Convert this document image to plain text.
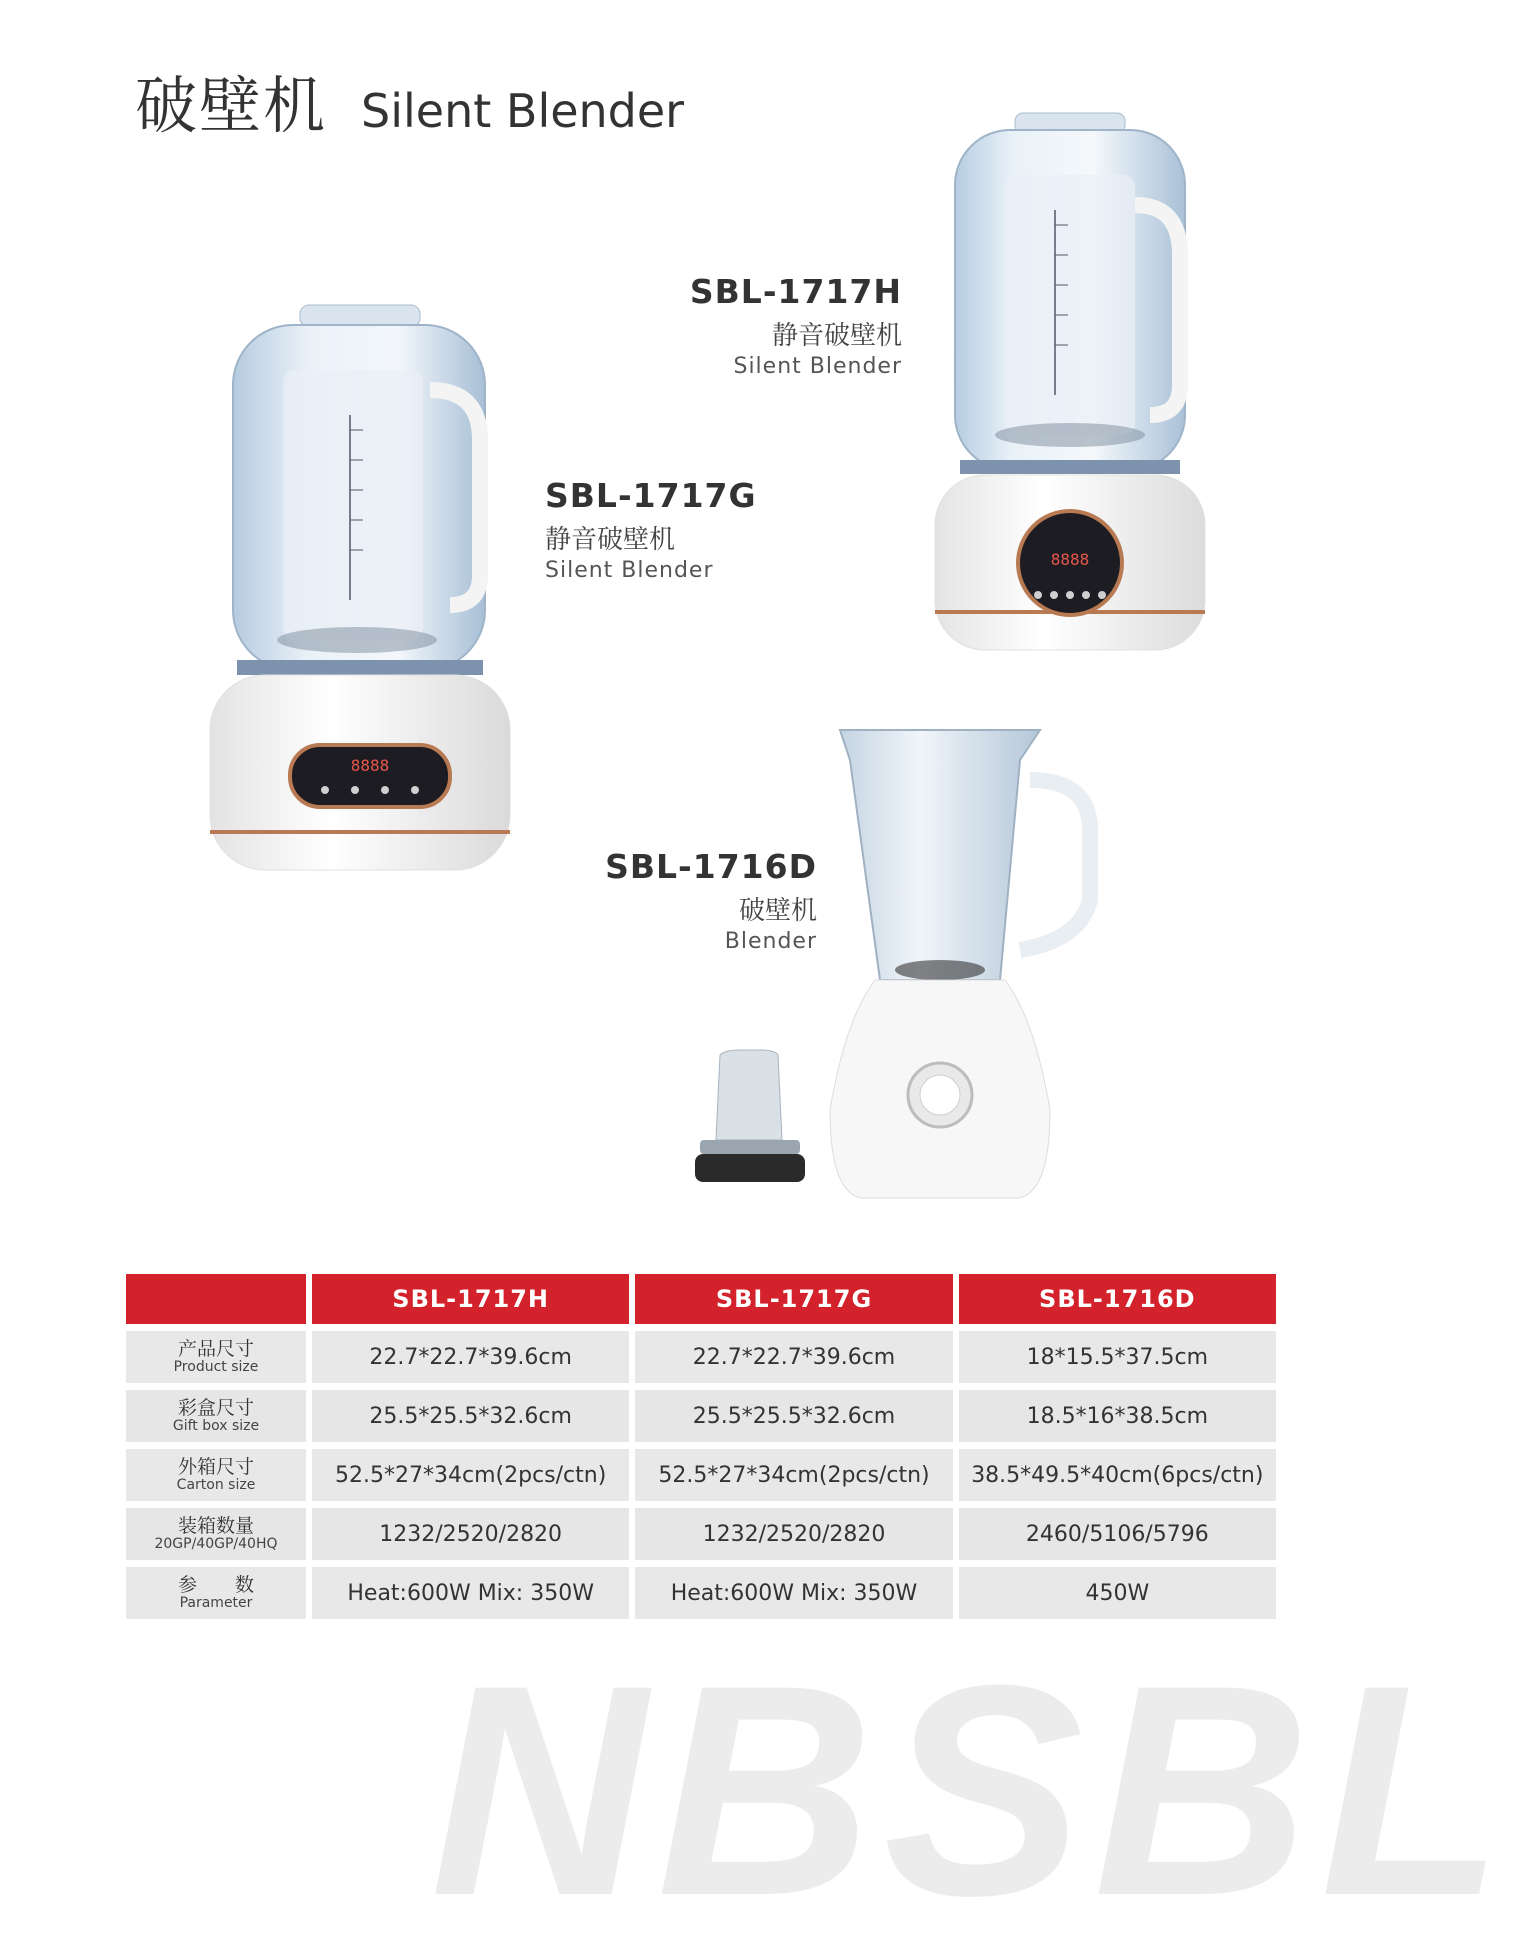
破壁机 Silent Blender
NBSBL
8888
8888
SBL-1717H
静音破壁机
Silent Blender
SBL-1717G
静音破壁机
Silent Blender
SBL-1716D
破壁机
Blender
	SBL-1717H	SBL-1717G	SBL-1716D

产品尺寸
Product size	22.7*22.7*39.6cm	22.7*22.7*39.6cm	18*15.5*37.5cm

彩盒尺寸
Gift box size	25.5*25.5*32.6cm	25.5*25.5*32.6cm	18.5*16*38.5cm

外箱尺寸
Carton size	52.5*27*34cm(2pcs/ctn)	52.5*27*34cm(2pcs/ctn)	38.5*49.5*40cm(6pcs/ctn)

装箱数量
20GP/40GP/40HQ	1232/2520/2820	1232/2520/2820	2460/5106/5796

参　　数
Parameter	Heat:600W Mix: 350W	Heat:600W Mix: 350W	450W
